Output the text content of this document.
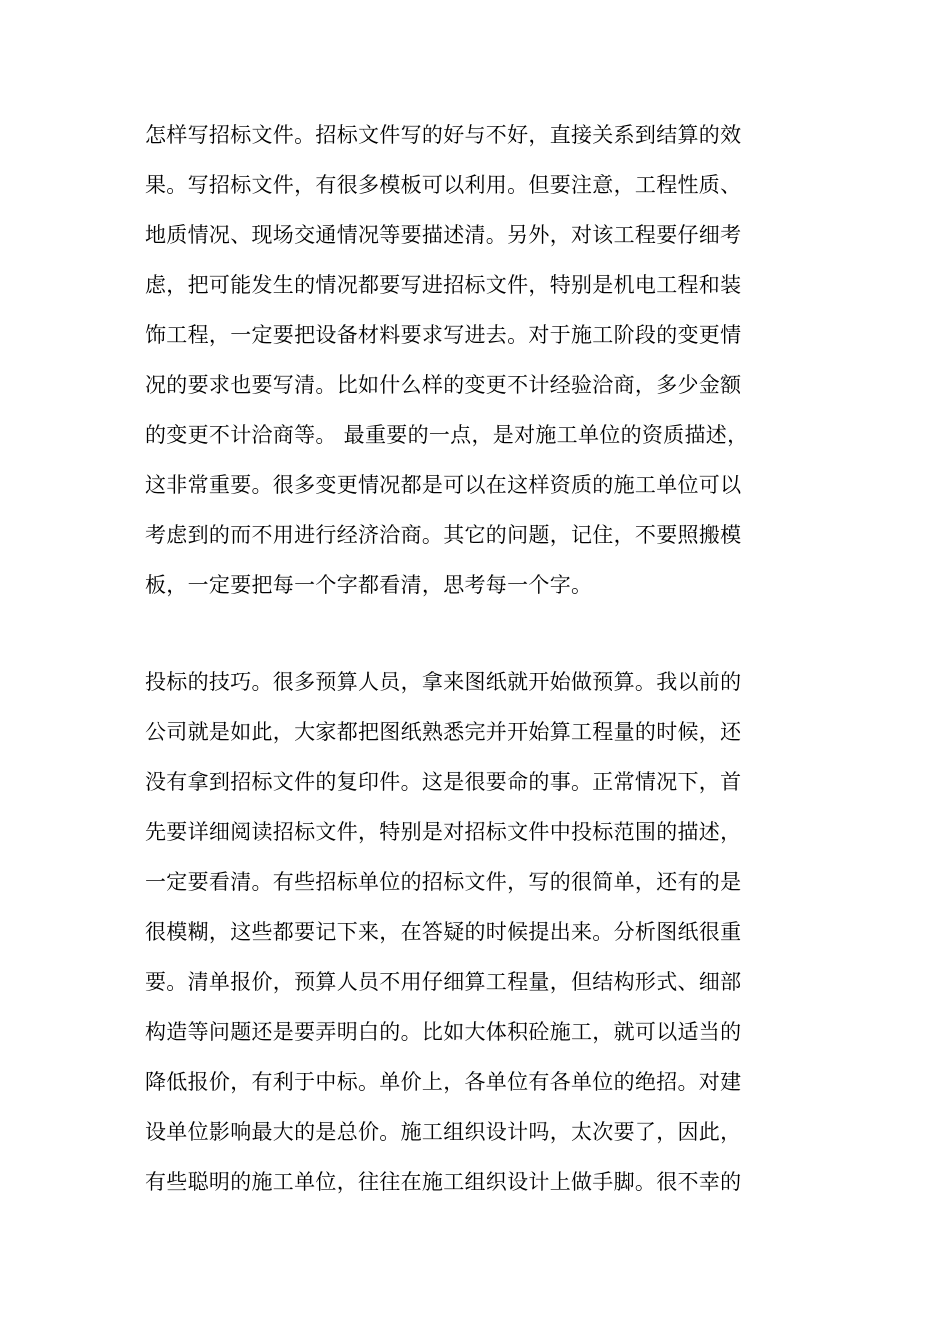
怎样写招标文件。招标文件写的好与不好，直接关系到结算的效
果。写招标文件，有很多模板可以利用。但要注意，工程性质、
地质情况、现场交通情况等要描述清。另外，对该工程要仔细考
虑，把可能发生的情况都要写进招标文件，特别是机电工程和装
饰工程，一定要把设备材料要求写进去。对于施工阶段的变更情
况的要求也要写清。比如什么样的变更不计经验洽商，多少金额
的变更不计洽商等。 最重要的一点，是对施工单位的资质描述，
这非常重要。很多变更情况都是可以在这样资质的施工单位可以
考虑到的而不用进行经济洽商。其它的问题，记住，不要照搬模
板，一定要把每一个字都看清，思考每一个字。
投标的技巧。很多预算人员，拿来图纸就开始做预算。我以前的
公司就是如此，大家都把图纸熟悉完并开始算工程量的时候，还
没有拿到招标文件的复印件。这是很要命的事。正常情况下，首
先要详细阅读招标文件，特别是对招标文件中投标范围的描述，
一定要看清。有些招标单位的招标文件，写的很简单，还有的是
很模糊，这些都要记下来，在答疑的时候提出来。分析图纸很重
要。清单报价，预算人员不用仔细算工程量，但结构形式、细部
构造等问题还是要弄明白的。比如大体积砼施工，就可以适当的
降低报价，有利于中标。单价上，各单位有各单位的绝招。对建
设单位影响最大的是总价。施工组织设计吗，太次要了，因此，
有些聪明的施工单位，往往在施工组织设计上做手脚。很不幸的
